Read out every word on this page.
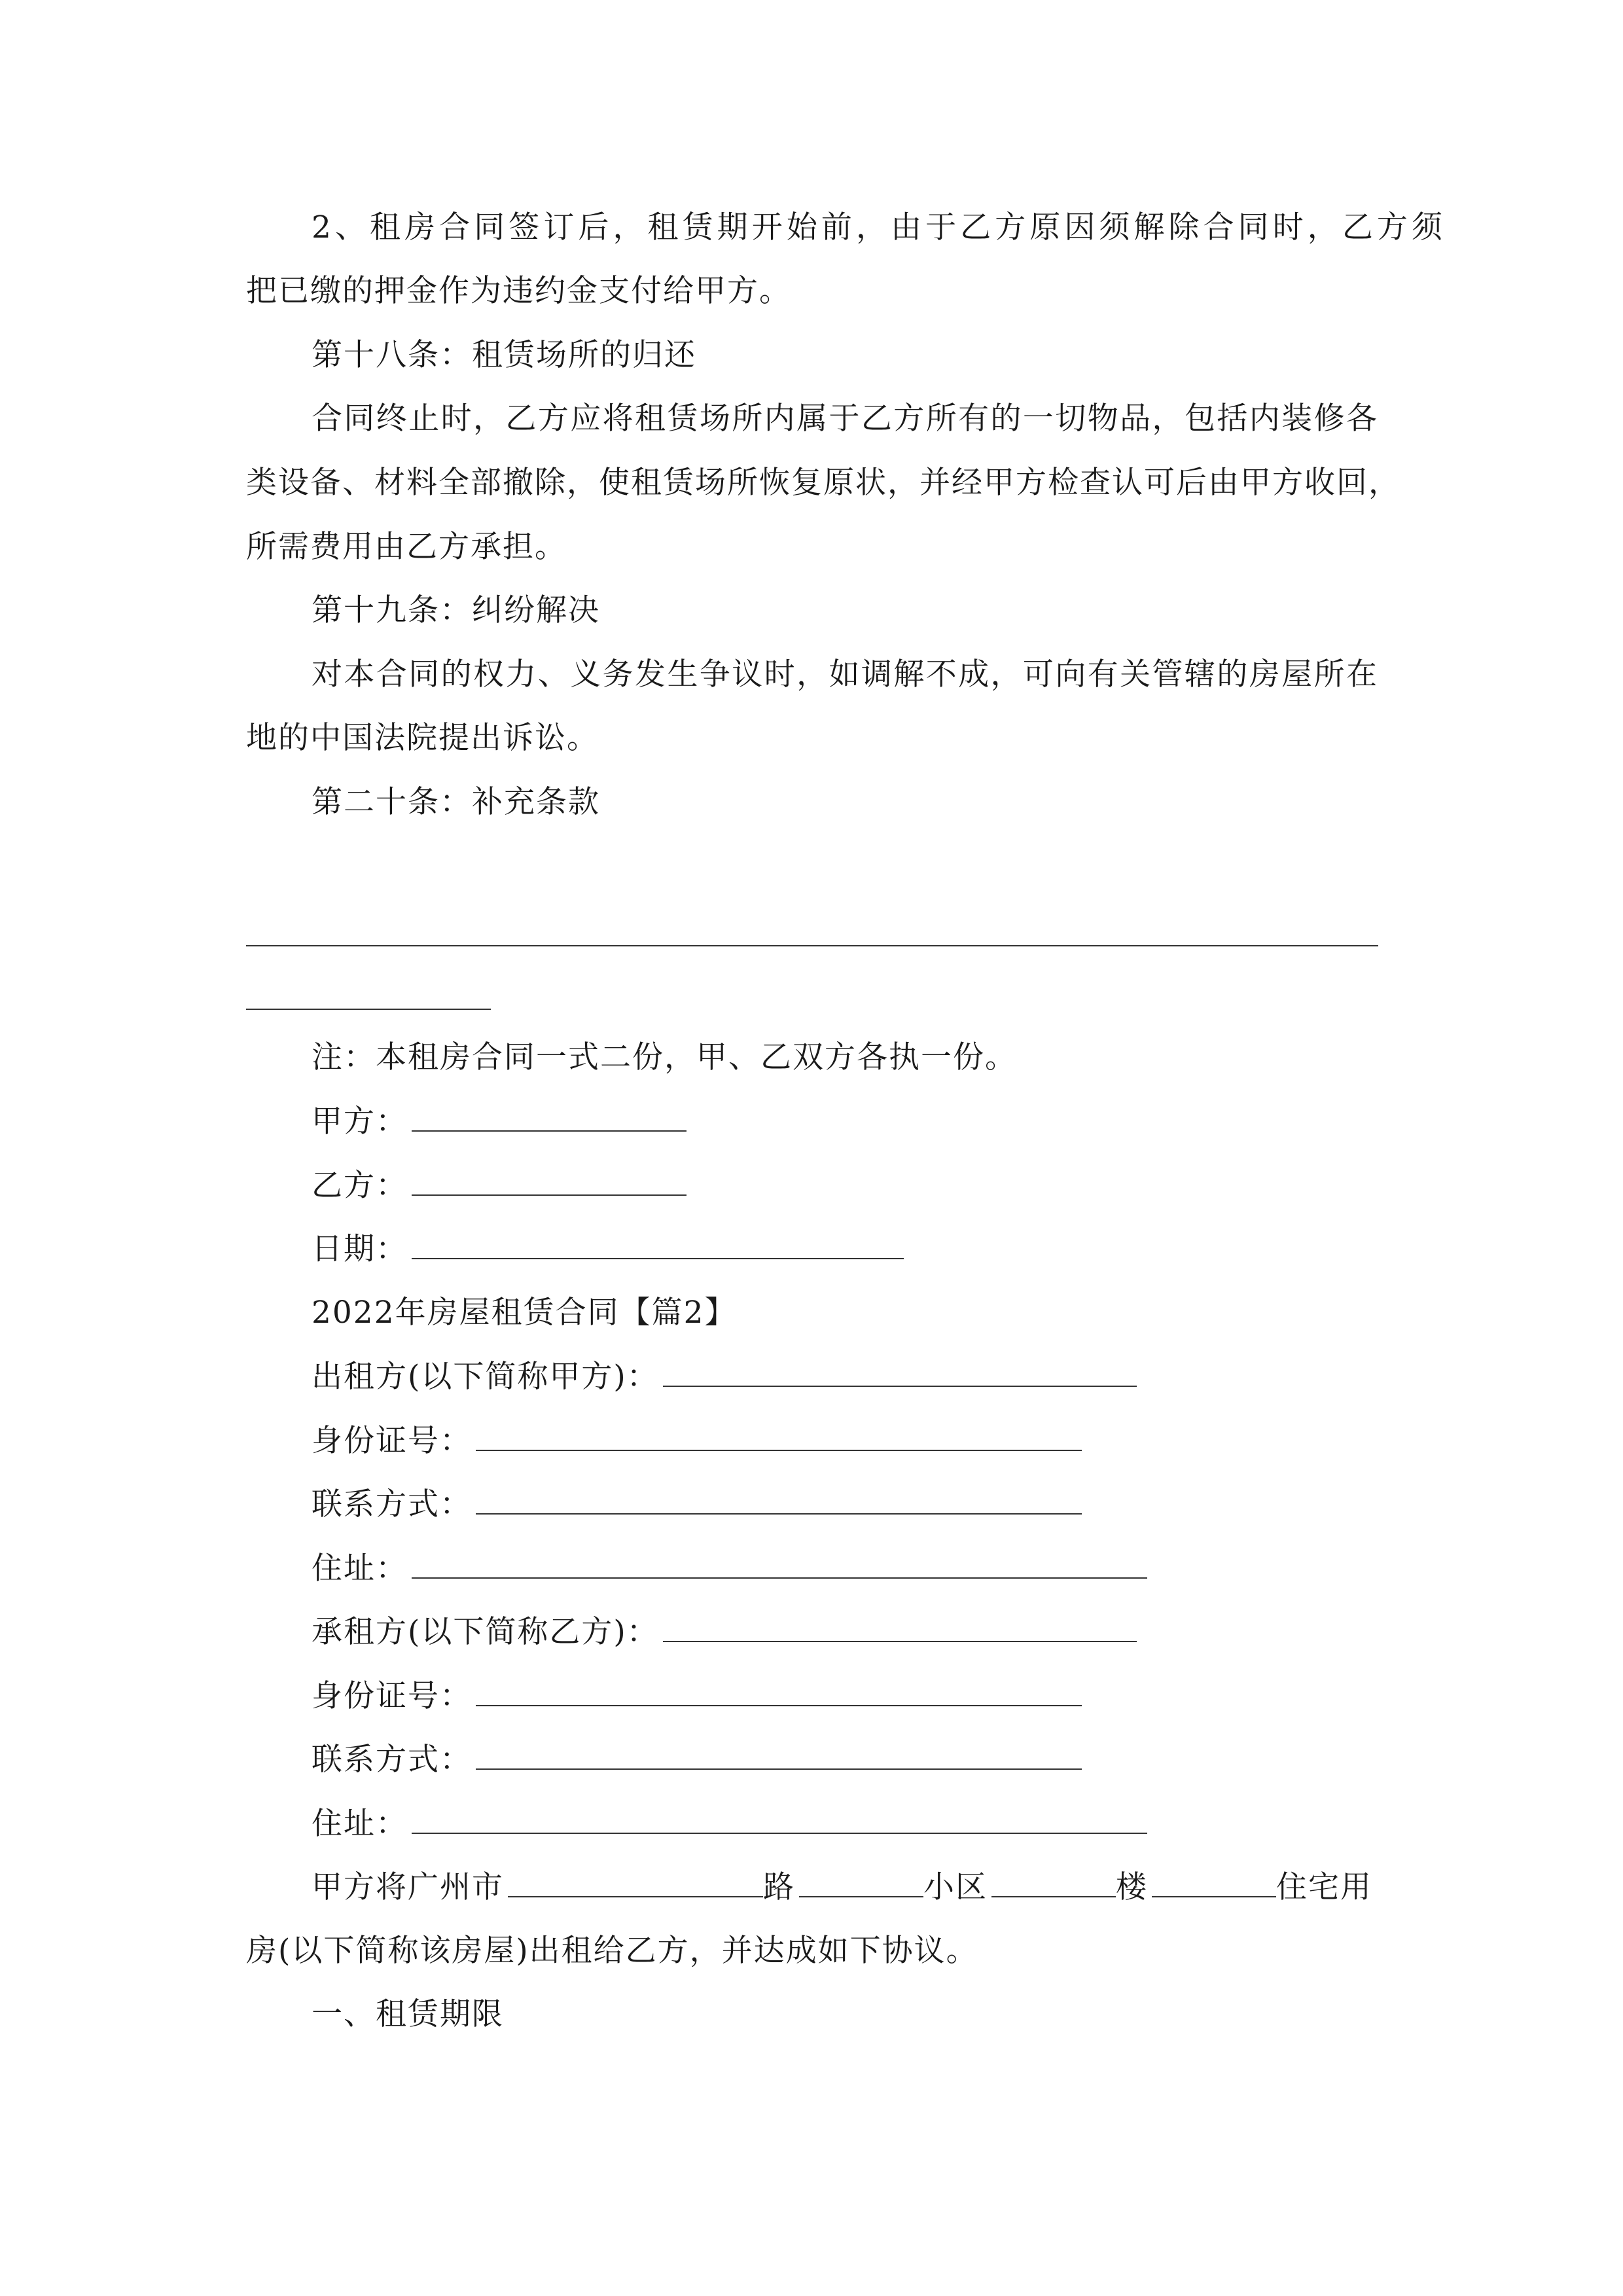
2、租房合同签订后，租赁期开始前，由于乙方原因须解除合同时，乙方须
把已缴的押金作为违约金支付给甲方。
第十八条：租赁场所的归还
合同终止时，乙方应将租赁场所内属于乙方所有的一切物品，包括内装修各
类设备、材料全部撤除，使租赁场所恢复原状，并经甲方检查认可后由甲方收回，
所需费用由乙方承担。
第十九条：纠纷解决
对本合同的权力、义务发生争议时，如调解不成，可向有关管辖的房屋所在
地的中国法院提出诉讼。
第二十条：补充条款
注：本租房合同一式二份，甲、乙双方各执一份。
甲方：
乙方：
日期：
2022年房屋租赁合同【篇2】
出租方(以下简称甲方)：
身份证号：
联系方式：
住址：
承租方(以下简称乙方)：
身份证号：
联系方式：
住址：
甲方将广州市	路	小区	楼	住宅用
房(以下简称该房屋)出租给乙方，并达成如下协议。
一、租赁期限
